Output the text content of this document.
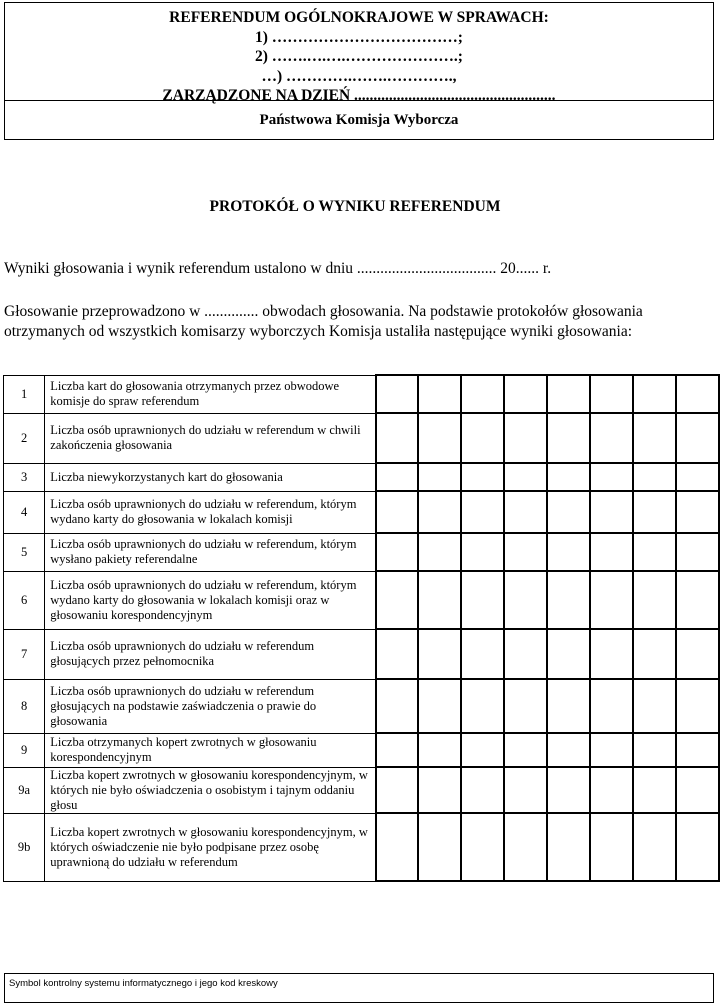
REFERENDUM OGÓLNOKRAJOWE W SPRAWACH:
1) ………………………………;
2) …….….….………………….;
…) ………….…….………….,
ZARZĄDZONE NA DZIEŃ ....................................................
Państwowa Komisja Wyborcza
PROTOKÓŁ O WYNIKU REFERENDUM
Wyniki głosowania i wynik referendum ustalono w dniu .................................... 20...... r.
Głosowanie przeprowadzono w .............. obwodach głosowania. Na podstawie protokołów głosowania
otrzymanych od wszystkich komisarzy wyborczych Komisja ustaliła następujące wyniki głosowania:
1	Liczba kart do głosowania otrzymanych przez obwodowe komisje do spraw referendum								
2	Liczba osób uprawnionych do udziału w referendum w chwili zakończenia głosowania								
3	Liczba niewykorzystanych kart do głosowania								
4	Liczba osób uprawnionych do udziału w referendum, którym wydano karty do głosowania w lokalach komisji								
5	Liczba osób uprawnionych do udziału w referendum, którym wysłano pakiety referendalne								
6	Liczba osób uprawnionych do udziału w referendum, którym wydano karty do głosowania w lokalach komisji oraz w głosowaniu korespondencyjnym								
7	Liczba osób uprawnionych do udziału w referendum głosujących przez pełnomocnika								
8	Liczba osób uprawnionych do udziału w referendum głosujących na podstawie zaświadczenia o prawie do głosowania								
9	Liczba otrzymanych kopert zwrotnych w głosowaniu korespondencyjnym								
9a	Liczba kopert zwrotnych w głosowaniu korespondencyjnym, w których nie było oświadczenia o osobistym i tajnym oddaniu głosu								
9b	Liczba kopert zwrotnych w głosowaniu korespondencyjnym, w których oświadczenie nie było podpisane przez osobę uprawnioną do udziału w referendum								
Symbol kontrolny systemu informatycznego i jego kod kreskowy
